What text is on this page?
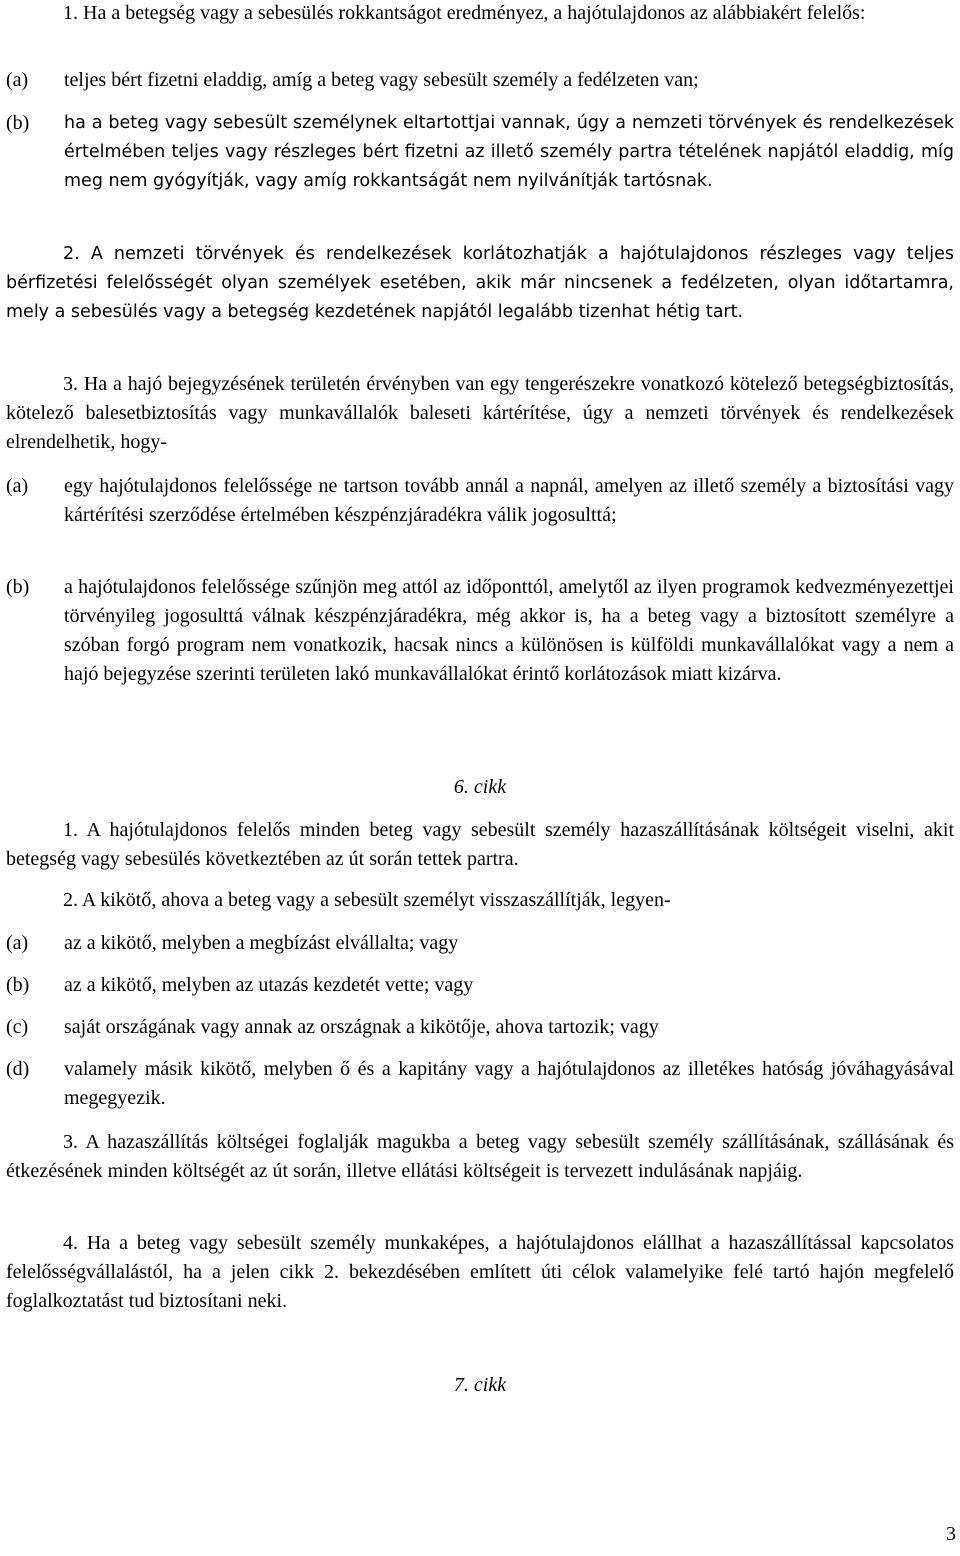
1. Ha a betegség vagy a sebesülés rokkantságot eredményez, a hajótulajdonos az alábbiakért felelős:

(a) teljes bért fizetni eladdig, amíg a beteg vagy sebesült személy a fedélzeten van;
(b) ha a beteg vagy sebesült személynek eltartottjai vannak, úgy a nemzeti törvények és rendelkezések értelmében teljes vagy részleges bért fizetni az illető személy partra tételének napjától eladdig, míg meg nem gyógyítják, vagy amíg rokkantságát nem nyilvánítják tartósnak.

2. A nemzeti törvények és rendelkezések korlátozhatják a hajótulajdonos részleges vagy teljes bérfizetési felelősségét olyan személyek esetében, akik már nincsenek a fedélzeten, olyan időtartamra, mely a sebesülés vagy a betegség kezdetének napjától legalább tizenhat hétig tart.

3. Ha a hajó bejegyzésének területén érvényben van egy tengerészekre vonatkozó kötelező betegségbiztosítás, kötelező balesetbiztosítás vagy munkavállalók baleseti kártérítése, úgy a nemzeti törvények és rendelkezések elrendelhetik, hogy-

(a) egy hajótulajdonos felelőssége ne tartson tovább annál a napnál, amelyen az illető személy a biztosítási vagy kártérítési szerződése értelmében készpénzjáradékra válik jogosulttá;
(b) a hajótulajdonos felelőssége szűnjön meg attól az időponttól, amelytől az ilyen programok kedvezményezettjei törvényileg jogosulttá válnak készpénzjáradékra, még akkor is, ha a beteg vagy a biztosított személyre a szóban forgó program nem vonatkozik, hacsak nincs a különösen is külföldi munkavállalókat vagy a nem a hajó bejegyzése szerinti területen lakó munkavállalókat érintő korlátozások miatt kizárva.

6. cikk

1. A hajótulajdonos felelős minden beteg vagy sebesült személy hazaszállításának költségeit viselni, akit betegség vagy sebesülés következtében az út során tettek partra.

2. A kikötő, ahova a beteg vagy a sebesült személyt visszaszállítják, legyen-

(a) az a kikötő, melyben a megbízást elvállalta; vagy
(b) az a kikötő, melyben az utazás kezdetét vette; vagy
(c) saját országának vagy annak az országnak a kikötője, ahova tartozik; vagy
(d) valamely másik kikötő, melyben ő és a kapitány vagy a hajótulajdonos az illetékes hatóság jóváhagyásával megegyezik.

3. A hazaszállítás költségei foglalják magukba a beteg vagy sebesült személy szállításának, szállásának és étkezésének minden költségét az út során, illetve ellátási költségeit is tervezett indulásának napjáig.

4. Ha a beteg vagy sebesült személy munkaképes, a hajótulajdonos elállhat a hazaszállítással kapcsolatos felelősségvállalástól, ha a jelen cikk 2. bekezdésében említett úti célok valamelyike felé tartó hajón megfelelő foglalkoztatást tud biztosítani neki.

7. cikk

3
